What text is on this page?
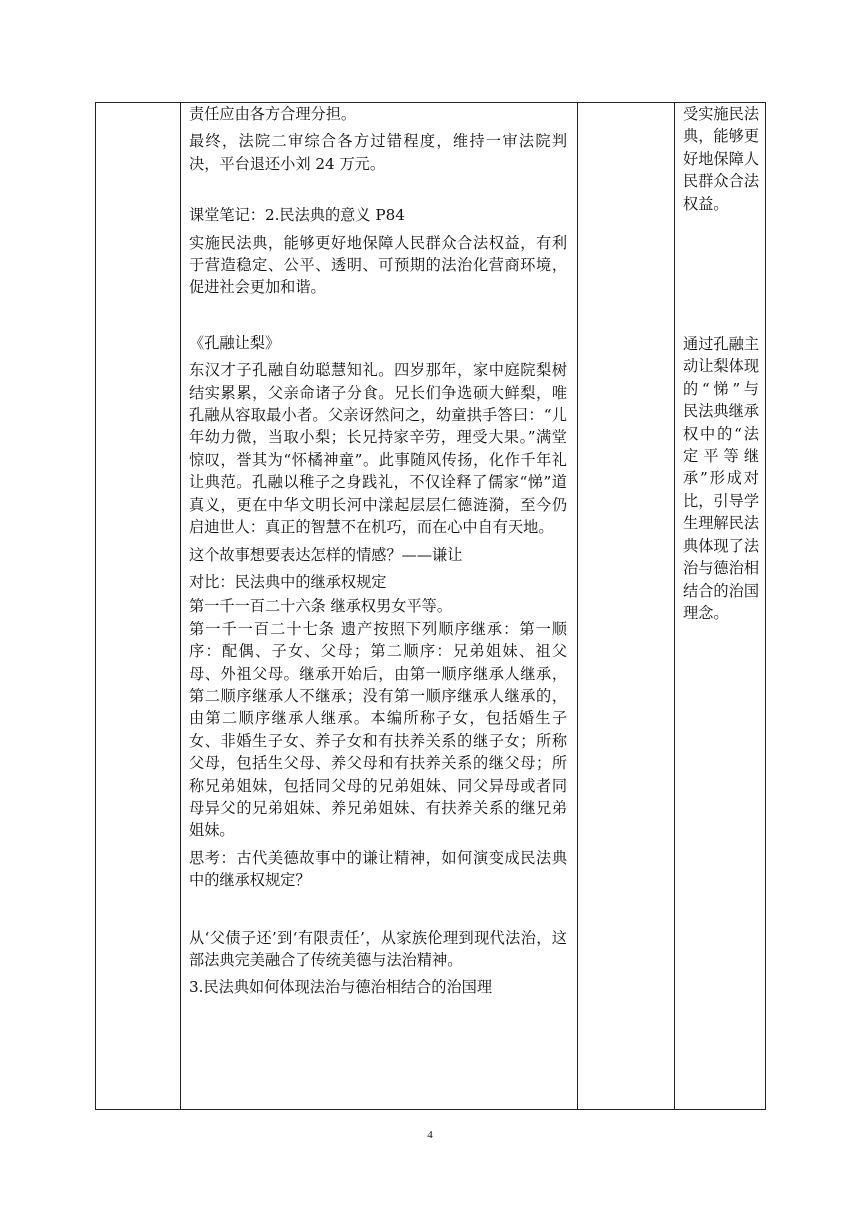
责任应由各方合理分担。

最终，法院二审综合各方过错程度，维持一审法院判决，平台退还小刘 24 万元。

课堂笔记：2.民法典的意义 P84

实施民法典，能够更好地保障人民群众合法权益，有利于营造稳定、公平、透明、可预期的法治化营商环境，促进社会更加和谐。

《孔融让梨》

东汉才子孔融自幼聪慧知礼。四岁那年，家中庭院梨树结实累累，父亲命诸子分食。兄长们争选硕大鲜梨，唯孔融从容取最小者。父亲讶然问之，幼童拱手答曰：“儿年幼力微，当取小梨；长兄持家辛劳，理受大果。”满堂惊叹，誉其为“怀橘神童”。此事随风传扬，化作千年礼让典范。孔融以稚子之身践礼，不仅诠释了儒家“悌”道真义，更在中华文明长河中漾起层层仁德涟漪，至今仍启迪世人：真正的智慧不在机巧，而在心中自有天地。

这个故事想要表达怎样的情感？——谦让

对比：民法典中的继承权规定

第一千一百二十六条 继承权男女平等。

第一千一百二十七条 遗产按照下列顺序继承：第一顺序：配偶、子女、父母；第二顺序：兄弟姐妹、祖父母、外祖父母。继承开始后，由第一顺序继承人继承，第二顺序继承人不继承；没有第一顺序继承人继承的，由第二顺序继承人继承。本编所称子女，包括婚生子女、非婚生子女、养子女和有扶养关系的继子女；所称父母，包括生父母、养父母和有扶养关系的继父母；所称兄弟姐妹，包括同父母的兄弟姐妹、同父异母或者同母异父的兄弟姐妹、养兄弟姐妹、有扶养关系的继兄弟姐妹。

思考：古代美德故事中的谦让精神，如何演变成民法典中的继承权规定？

从‘父债子还’到‘有限责任’，从家族伦理到现代法治，这部法典完美融合了传统美德与法治精神。

3.民法典如何体现法治与德治相结合的治国理

受实施民法典，能够更好地保障人民群众合法权益。

通过孔融主动让梨体现的“悌”与民法典继承权中的“法定平等继承”形成对比，引导学生理解民法典体现了法治与德治相结合的治国理念。

4
